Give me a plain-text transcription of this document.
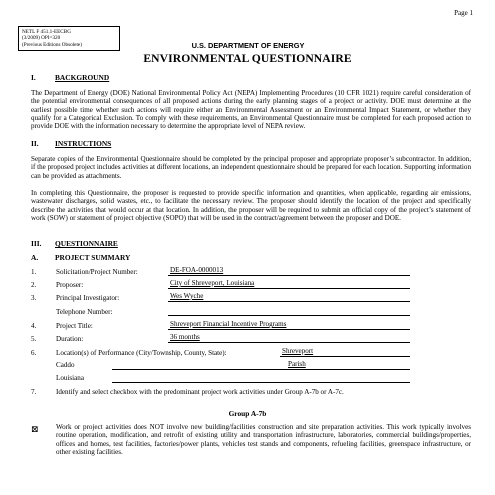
Page 1
NETL F 451.1-EECBG
(3/2009) OPI=320
(Previous Editions Obsolete)	U.S. DEPARTMENT OF ENERGY
ENVIRONMENTAL QUESTIONNAIRE
I.	BACKGROUND
The Department of Energy (DOE) National Environmental Policy Act (NEPA) Implementing Procedures (10 CFR 1021) require careful consideration of the potential environmental consequences of all proposed actions during the early planning stages of a project or activity. DOE must determine at the earliest possible time whether such actions will require either an Environmental Assessment or an Environmental Impact Statement, or whether they qualify for a Categorical Exclusion. To comply with these requirements, an Environmental Questionnaire must be completed for each proposed action to provide DOE with the information necessary to determine the appropriate level of NEPA review.
II. INSTRUCTIONS
Separate copies of the Environmental Questionnaire should be completed by the principal proposer and appropriate proposer’s subcontractor. In addition, if the proposed project includes activities at different locations, an independent questionnaire should be prepared for each location. Supporting information can be provided as attachments.
In completing this Questionnaire, the proposer is requested to provide specific information and quantities, when applicable, regarding air emissions, wastewater discharges, solid wastes, etc., to facilitate the necessary review. The proposer should identify the location of the project and specifically describe the activities that would occur at that location. In addition, the proposer will be required to submit an official copy of the project’s statement of work (SOW) or statement of project objective (SOPO) that will be used in the contract/agreement between the proposer and DOE.
III. QUESTIONNAIRE
A. PROJECT SUMMARY
1.	Solicitation/Project Number:	DE-FOA-0000013
2.	Proposer:	City of Shreveport, Louisiana
3.	Principal Investigator:	Wes Wyche
Telephone Number:
4.	Project Title:	Shreveport Financial Incentive Programs
5.	Duration:	36 months
6.	Location(s) of Performance (City/Township, County, State):	Shreveport
Caddo	Parish
Louisiana
7.	Identify and select checkbox with the predominant project work activities under Group A-7b or A-7c.
Group A-7b
⊠ Work or project activities does NOT involve new building/facilities construction and site preparation activities. This work typically involves routine operation, modification, and retrofit of existing utility and transportation infrastructure, laboratories, commercial buildings/properties, offices and homes, test facilities, factories/power plants, vehicles test stands and components, refueling facilities, greenspace infrastructure, or other existing facilities.
